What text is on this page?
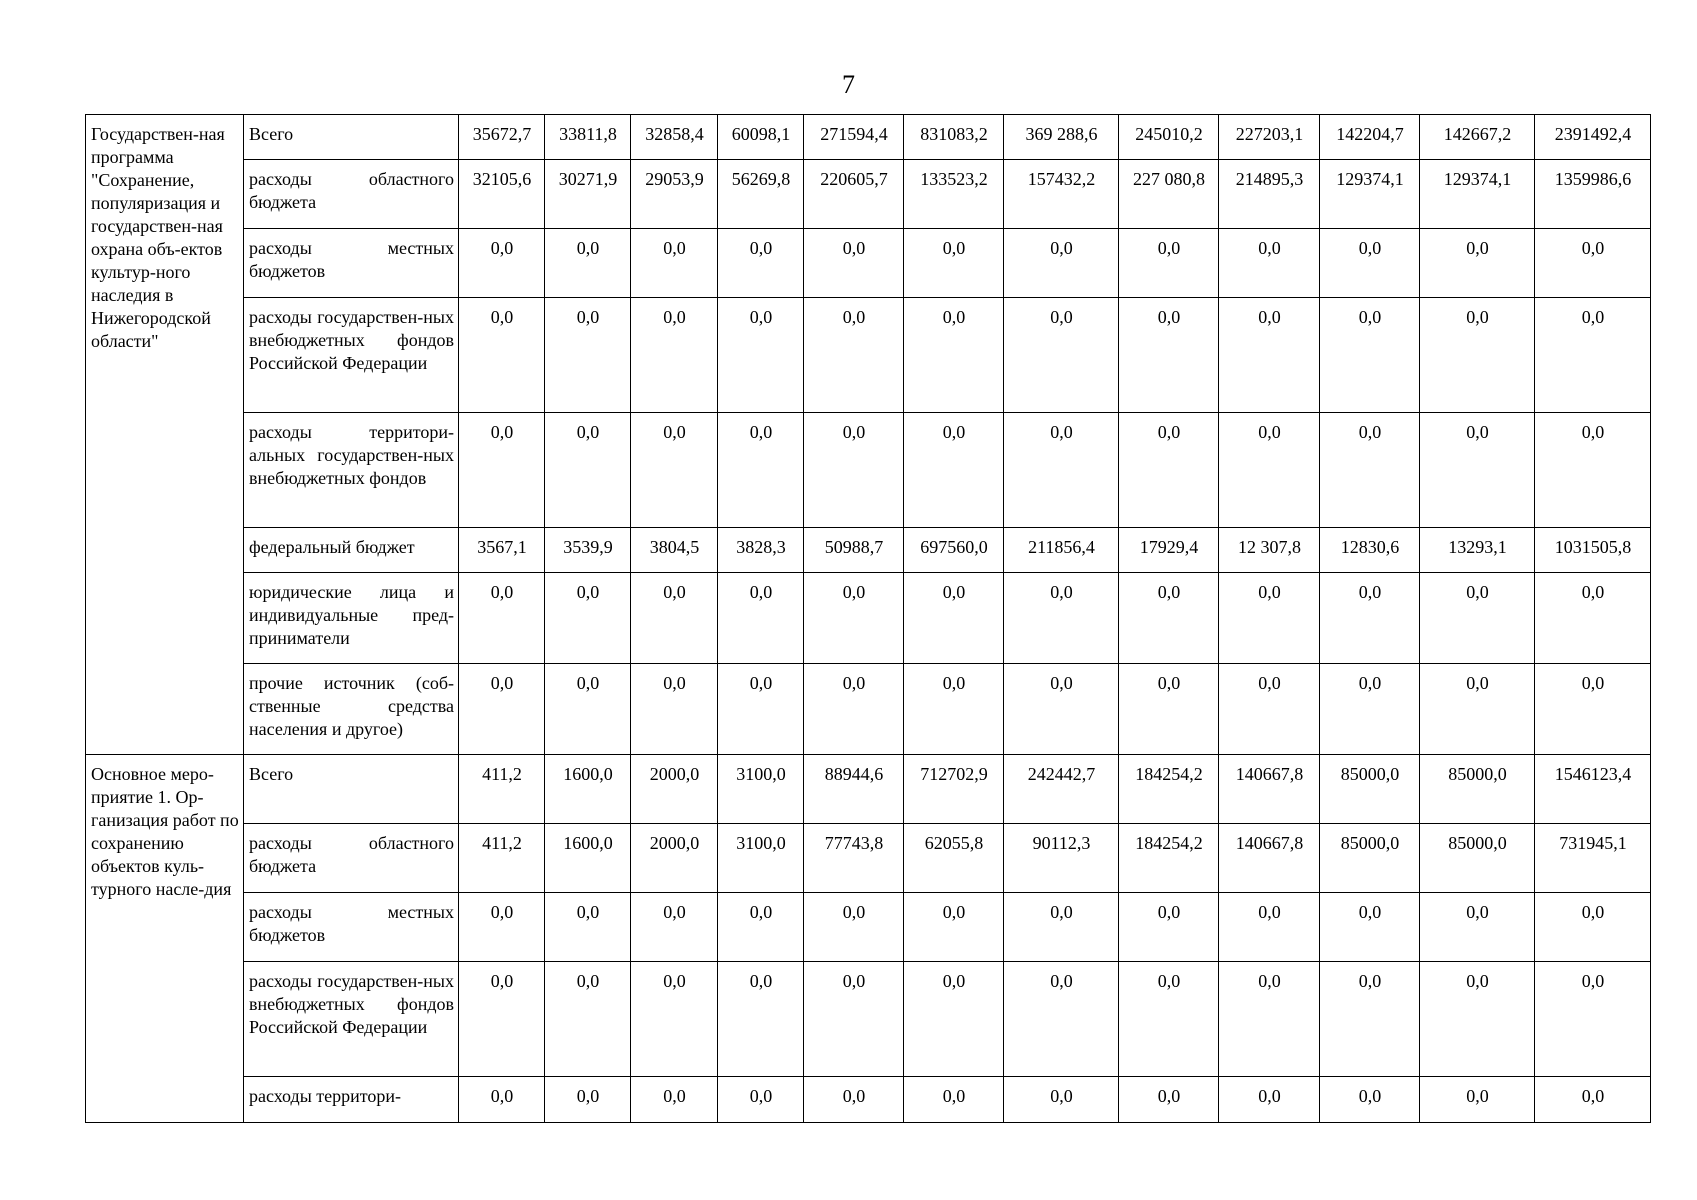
7
Государствен-​ная программа "Сохранение, популяризация и государствен-​ная охрана объ-​ектов культур-​ного наследия в Нижегородской области"	Всего	35672,7	33811,8	32858,4	60098,1	271594,4	831083,2	369 288,6	245010,2	227203,1	142204,7	142667,2	2391492,4
	расходы областного бюджета	32105,6	30271,9	29053,9	56269,8	220605,7	133523,2	157432,2	227 080,8	214895,3	129374,1	129374,1	1359986,6
	расходы местных бюджетов	0,0	0,0	0,0	0,0	0,0	0,0	0,0	0,0	0,0	0,0	0,0	0,0
	расходы государствен-​ных внебюджетных фондов Российской Федерации	0,0	0,0	0,0	0,0	0,0	0,0	0,0	0,0	0,0	0,0	0,0	0,0
	расходы территори-​альных государствен-​ных внебюджетных фондов	0,0	0,0	0,0	0,0	0,0	0,0	0,0	0,0	0,0	0,0	0,0	0,0
	федеральный бюджет	3567,1	3539,9	3804,5	3828,3	50988,7	697560,0	211856,4	17929,4	12 307,8	12830,6	13293,1	1031505,8
	юридические лица и индивидуальные пред-​приниматели	0,0	0,0	0,0	0,0	0,0	0,0	0,0	0,0	0,0	0,0	0,0	0,0
	прочие источник (соб-​ственные средства населения и другое)	0,0	0,0	0,0	0,0	0,0	0,0	0,0	0,0	0,0	0,0	0,0	0,0
Основное меро-​приятие 1. Ор-​ганизация работ по сохранению объектов куль-​турного насле-​дия	Всего	411,2	1600,0	2000,0	3100,0	88944,6	712702,9	242442,7	184254,2	140667,8	85000,0	85000,0	1546123,4
	расходы областного бюджета	411,2	1600,0	2000,0	3100,0	77743,8	62055,8	90112,3	184254,2	140667,8	85000,0	85000,0	731945,1
	расходы местных бюджетов	0,0	0,0	0,0	0,0	0,0	0,0	0,0	0,0	0,0	0,0	0,0	0,0
	расходы государствен-​ных внебюджетных фондов Российской Федерации	0,0	0,0	0,0	0,0	0,0	0,0	0,0	0,0	0,0	0,0	0,0	0,0
	расходы территори-	0,0	0,0	0,0	0,0	0,0	0,0	0,0	0,0	0,0	0,0	0,0	0,0
